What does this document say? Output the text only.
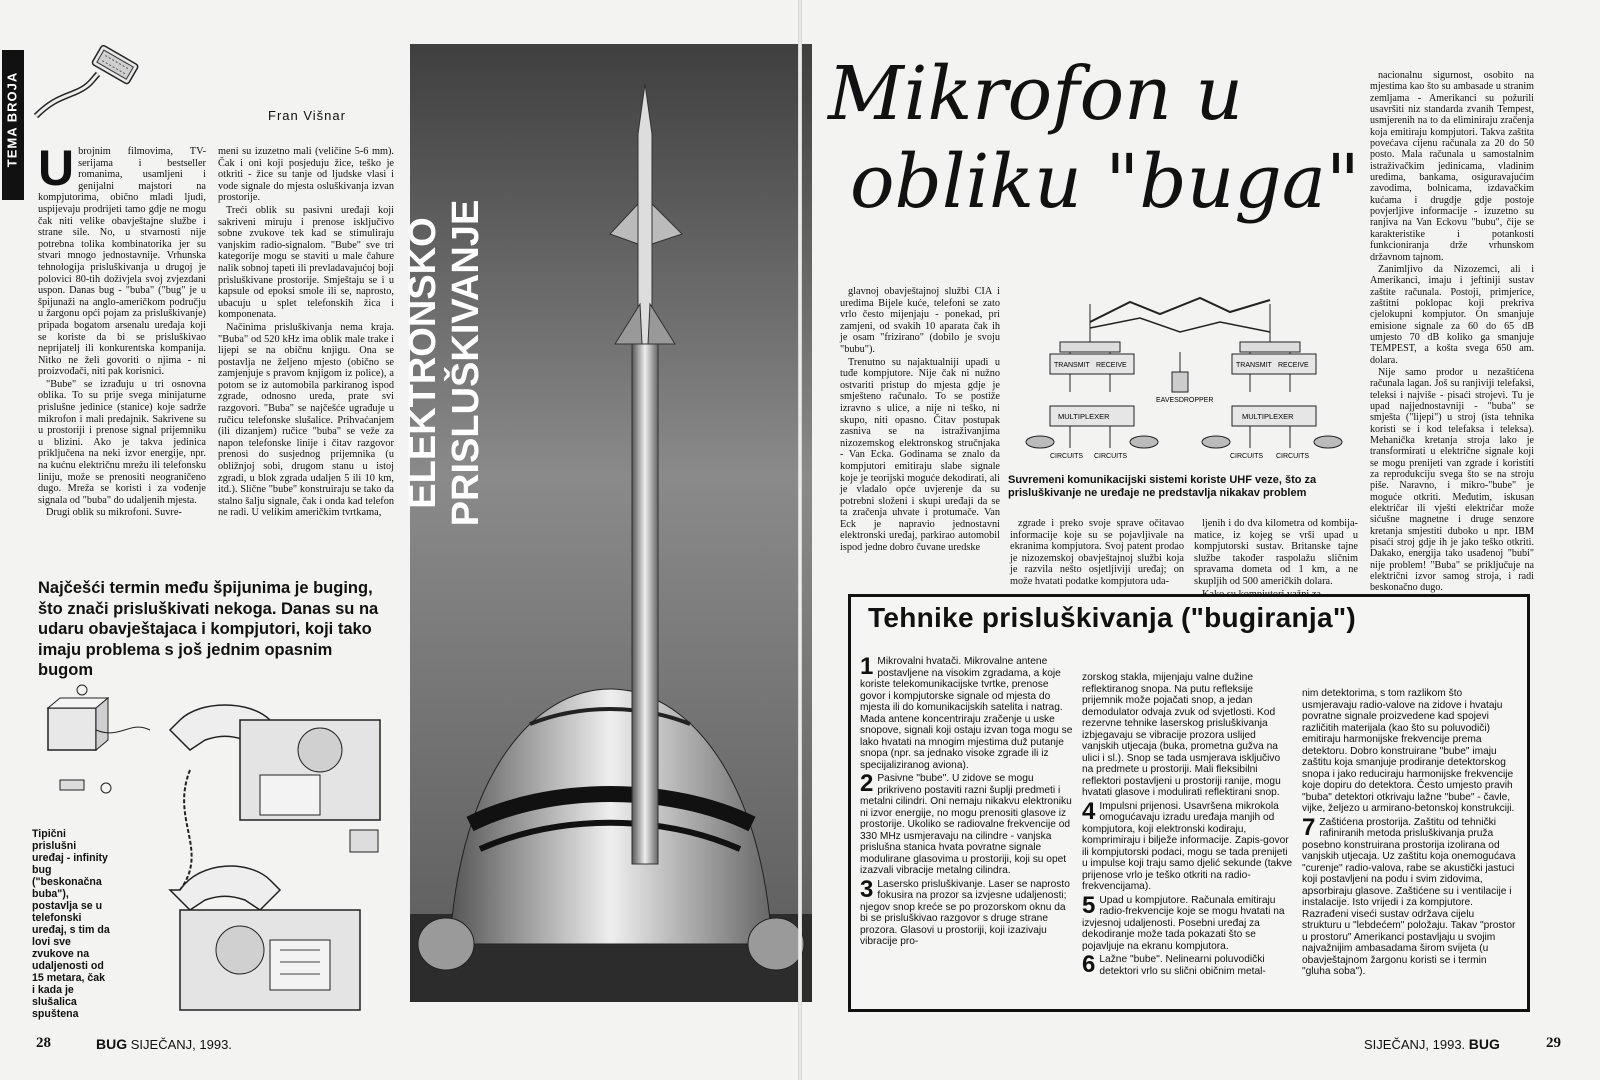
TEMA BROJA	Fran Višnar
U brojnim filmovima, TV-serijama i bestseller romanima, usamljeni i genijalni majstori na kompjutorima, obično mladi ljudi, uspijevaju prodrijeti tamo gdje ne mogu čak niti velike obavještajne službe i strane sile. No, u stvarnosti nije potrebna tolika kombinatorika jer su stvari mnogo jednostavnije. Vrhunska tehnologija prisluškivanja u drugoj je polovici 80-tih doživjela svoj zvjezdani uspon. Danas bug - "buba" ("bug" je u špijunaži na anglo-američkom području u žargonu opći pojam za prisluškivanje) pripada bogatom arsenalu uređaja koji se koriste da bi se prisluškivao neprijatelj ili konkurentska kompanija. Nitko ne želi govoriti o njima - ni proizvođači, niti pak korisnici.

"Bube" se izrađuju u tri osnovna oblika. To su prije svega minijaturne prislušne jedinice (stanice) koje sadrže mikrofon i mali predajnik. Sakrivene su u prostoriji i prenose signal prijemniku u blizini. Ako je takva jedinica priključena na neki izvor energije, npr. na kućnu električnu mrežu ili telefonsku liniju, može se prenositi neograničeno dugo. Mreža se koristi i za vođenje signala od "buba" do udaljenih mjesta.

Drugi oblik su mikrofoni. Suvre-

meni su izuzetno mali (veličine 5-6 mm). Čak i oni koji posjeduju žice, teško je otkriti - žice su tanje od ljudske vlasi i vode signale do mjesta osluškivanja izvan prostorije.

Treći oblik su pasivni uređaji koji sakriveni miruju i prenose isključivo sobne zvukove tek kad se stimuliraju vanjskim radio-signalom. "Bube" sve tri kategorije mogu se staviti u male čahure nalik sobnoj tapeti ili prevladavajućoj boji prisluškivane prostorije. Smještaju se i u kapsule od epoksi smole ili se, naprosto, ubacuju u splet telefonskih žica i komponenata.

Načinima prisluškivanja nema kraja. "Buba" od 520 kHz ima oblik male trake i lijepi se na običnu knjigu. Ona se postavlja ne željeno mjesto (obično se zamjenjuje s pravom knjigom iz police), a potom se iz automobila parkiranog ispod zgrade, odnosno ureda, prate svi razgovori. "Buba" se najčešće ugrađuje u ručicu telefonske slušalice. Prihvaćanjem (ili dizanjem) ručice "buba" se veže za napon telefonske linije i čitav razgovor prenosi do susjednog prijemnika (u obližnjoj sobi, drugom stanu u istoj zgradi, u blok zgrada udaljen 5 ili 10 km, itd.). Slične "bube" konstruiraju se tako da stalno šalju signale, čak i onda kad telefon ne radi. U velikim američkim tvrtkama,

Najčešći termin među špijunima je buging, što znači prisluškivati nekoga. Danas su na udaru obavještajaca i kompjutori, koji tako imaju problema s još jednim opasnim bugom
Tipični prislušni uređaj - infinity bug ("beskonačna buba"), postavlja se u telefonski uređaj, s tim da lovi sve zvukove na udaljenosti od 15 metara, čak i kada je slušalica spuštena
ELEKTRONSKO PRISLUŠKIVANJE
28	BUG SIJEČANJ, 1993.
Mikrofon u
obliku "buga"

glavnoj obavještajnoj službi CIA i uredima Bijele kuće, telefoni se zato vrlo često mijenjaju - ponekad, pri zamjeni, od svakih 10 aparata čak ih je osam "frizirano" (dobilo je svoju "bubu").

Trenutno su najaktualniji upadi u tuđe kompjutore. Nije čak ni nužno ostvariti pristup do mjesta gdje je smješteno računalo. To se postiže izravno s ulice, a nije ni teško, ni skupo, niti opasno. Čitav postupak zasniva se na istraživanjima nizozemskog elektronskog stručnjaka - Van Ecka. Godinama se znalo da kompjutori emitiraju slabe signale koje je teorijski moguće dekodirati, ali je vladalo opće uvjerenje da su potrebni složeni i skupi uređaji da se ta zračenja uhvate i protumače. Van Eck je napravio jednostavni elektronski uređaj, parkirao automobil ispod jedne dobro čuvane uredske

TRANSMIT RECEIVE	TRANSMIT RECEIVE
MULTIPLEXER	MULTIPLEXER
EAVESDROPPER
CIRCUITS CIRCUITS	CIRCUITS CIRCUITS
Suvremeni komunikacijski sistemi koriste UHF veze, što za prisluškivanje ne uređaje ne predstavlja nikakav problem

zgrade i preko svoje sprave očitavao informacije koje su se pojavljivale na ekranima kompjutora. Svoj patent prodao je nizozemskoj obavještajnoj službi koja je razvila nešto osjetljiviji uređaj; on može hvatati podatke kompjutora uda-

ljenih i do dva kilometra od kombija-matice, iz kojeg se vrši upad u kompjutorski sustav. Britanske tajne službe također raspolažu sličnim spravama dometa od 1 km, a ne skupljih od 500 američkih dolara.

nacionalnu sigurnost, osobito na mjestima kao što su ambasade u stranim zemljama - Amerikanci su požurili usavršiti niz standarda zvanih Tempest, usmjerenih na to da eliminiraju zračenja koja emitiraju kompjutori. Takva zaštita povećava cijenu računala za 20 do 50 posto. Mala računala u samostalnim istraživačkim jedinicama, vladinim uredima, bankama, osiguravajućim zavodima, bolnicama, izdavačkim kućama i drugdje gdje postoje povjerljive informacije - izuzetno su ranjiva na Van Eckovu "bubu", čije se karakteristike i potankosti funkcioniranja drže vrhunskom državnom tajnom.

Zanimljivo da Nizozemci, ali i Amerikanci, imaju i jeftiniji sustav zaštite računala. Postoji, primjerice, zaštitni poklopac koji prekriva cjelokupni kompjutor. On smanjuje emisione signale za 60 do 65 dB umjesto 70 dB koliko ga smanjuje TEMPEST, a košta svega 650 am. dolara.

Nije samo prodor u nezaštićena računala lagan. Još su ranjiviji telefaksi, teleksi i najviše - pisaći strojevi. Tu je upad najjednostavniji - "buba" se smješta ("lijepi") u stroj (ista tehnika koristi se i kod telefaksa i teleksa). Mehanička kretanja stroja lako je transformirati u električne signale koji se mogu prenijeti van zgrade i koristiti za reprodukciju svega što se na stroju piše. Naravno, i mikro-"bube" je moguće otkriti. Međutim, iskusan električar ili vješti električar može sićušne magnetne i druge senzore kretanja smjestiti duboko u npr. IBM pisaći stroj gdje ih je jako teško otkriti. Dakako, energija tako usađenoj "bubi" nije problem! "Buba" se priključuje na električni izvor samog stroja, i radi beskonačno dugo.

Tehnike prisluškivanja ("bugiranja")

1 Mikrovalni hvatači. Mikrovalne antene postavljene na visokim zgradama, a koje koriste telekomunikacijske tvrtke, prenose govor i kompjutorske signale od mjesta do mjesta ili do komunikacijskih satelita i natrag. Mada antene koncentriraju zračenje u uske snopove, signali koji ostaju izvan toga mogu se lako hvatati na mnogim mjestima duž putanje snopa (npr. sa jednako visoke zgrade ili iz specijaliziranog aviona).

2 Pasivne "bube". U zidove se mogu prikriveno postaviti razni šuplji predmeti i metalni cilindri. Oni nemaju nikakvu elektroniku ni izvor energije, no mogu prenositi glasove iz prostorije. Ukoliko se radiovalne frekvencije od 330 MHz usmjeravaju na cilindre - vanjska prislušna stanica hvata povratne signale modulirane glasovima u prostoriji, koji su opet izazvali vibracije metalng cilindra.

3 Lasersko prisluškivanje. Laser se naprosto fokusira na prozor sa izvjesne udaljenosti; njegov snop kreće se po prozorskom oknu da bi se prisluškivao razgovor s druge strane prozora. Glasovi u prostoriji, koji izazivaju vibracije pro-

zorskog stakla, mijenjaju valne dužine reflektiranog snopa. Na putu refleksije prijemnik može pojačati snop, a jedan demodulator odvaja zvuk od svjetlosti. Kod rezervne tehnike laserskog prisluškivanja izbjegavaju se vibracije prozora uslijed vanjskih utjecaja (buka, prometna gužva na ulici i sl.). Snop se tada usmjerava isključivo na predmete u prostoriji. Mali fleksibilni reflektori postavljeni u prostoriji ranije, mogu hvatati glasove i modulirati reflektirani snop.

4 Impulsni prijenosi. Usavršena mikrokola omogućavaju izradu uređaja manjih od kompjutora, koji elektronski kodiraju, komprimiraju i bilježe informacije. Zapis-govor ili kompjutorski podaci, mogu se tada prenijeti u impulse koji traju samo djelić sekunde (takve prijenose vrlo je teško otkriti na radio-frekvencijama).

5 Upad u kompjutore. Računala emitiraju radio-frekvencije koje se mogu hvatati na izvjesnoj udaljenosti. Posebni uređaj za dekodiranje može tada pokazati što se pojavljuje na ekranu kompjutora.

6 Lažne "bube". Nelinearni poluvodički detektori vrlo su slični običnim metal-

nim detektorima, s tom razlikom što usmjeravaju radio-valove na zidove i hvataju povratne signale proizvedene kad spojevi različitih materijala (kao što su poluvodiči) emitiraju harmonijske frekvencije prema detektoru. Dobro konstruirane "bube" imaju zaštitu koja smanjuje prodiranje detektorskog snopa i jako reduciraju harmonijske frekvencije koje dopiru do detektora. Često umjesto pravih "buba" detektori otkrivaju lažne "bube" - čavle, vijke, željezo u armirano-betonskoj konstrukciji.

7 Zaštićena prostorija. Zaštitu od tehnički rafiniranih metoda prisluškivanja pruža posebno konstruirana prostorija izolirana od vanjskih utjecaja. Uz zaštitu koja onemogućava "curenje" radio-valova, rabe se akustički jastuci koji postavljeni na podu i svim zidovima, apsorbiraju glasove. Zaštićene su i ventilacije i instalacije. Isto vrijedi i za kompjutore. Razrađeni viseći sustav održava cijelu strukturu u "lebdećem" položaju. Takav "prostor u prostoru" Amerikanci postavljaju u svojim najvažnijim ambasadama širom svijeta (u obavještajnom žargonu koristi se i termin "gluha soba").

SIJEČANJ, 1993. BUG	29
